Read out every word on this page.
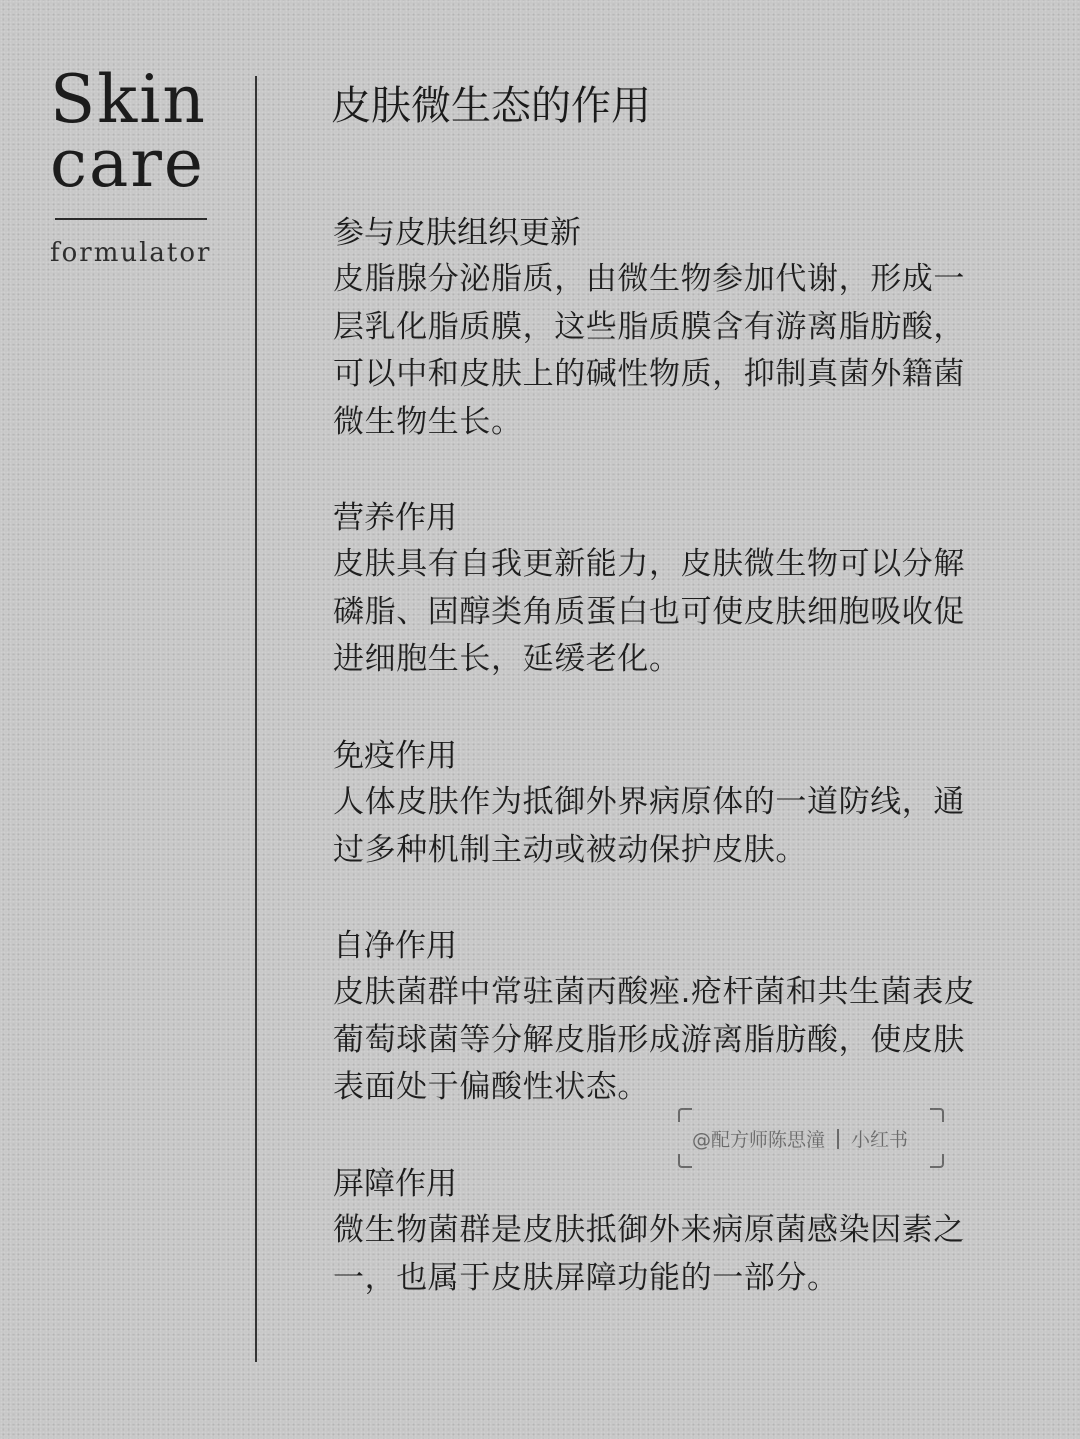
Skin
care
formulator
皮肤微生态的作用
参与皮肤组织更新

皮脂腺分泌脂质，由微生物参加代谢，形成一

层乳化脂质膜，这些脂质膜含有游离脂肪酸，

可以中和皮肤上的碱性物质，抑制真菌外籍菌

微生物生长。

营养作用

皮肤具有自我更新能力，皮肤微生物可以分解

磷脂、固醇类角质蛋白也可使皮肤细胞吸收促

进细胞生长，延缓老化。

免疫作用

人体皮肤作为抵御外界病原体的一道防线，通

过多种机制主动或被动保护皮肤。

自净作用

皮肤菌群中常驻菌丙酸痤.疮杆菌和共生菌表皮

葡萄球菌等分解皮脂形成游离脂肪酸，使皮肤

表面处于偏酸性状态。

屏障作用

微生物菌群是皮肤抵御外来病原菌感染因素之

一，也属于皮肤屏障功能的一部分。

@配方师陈思潼 小红书
